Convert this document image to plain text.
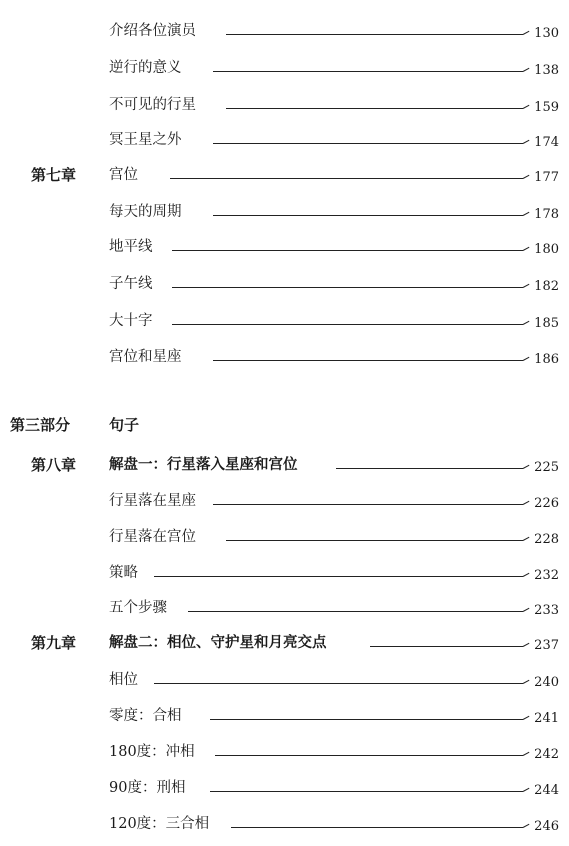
介绍各位演员	130
逆行的意义	138
不可见的行星	159
冥王星之外	174
第七章 宫位	177
每天的周期	178
地平线	180
子午线	182
大十字	185
宫位和星座	186
第三部分	句子
第八章 解盘一：行星落入星座和宫位	225
行星落在星座	226
行星落在宫位	228
策略	232
五个步骤	233
第九章 解盘二：相位、守护星和月亮交点	237
相位	240
零度：合相	241
180度：冲相	242
90度：刑相	244
120度：三合相	246
